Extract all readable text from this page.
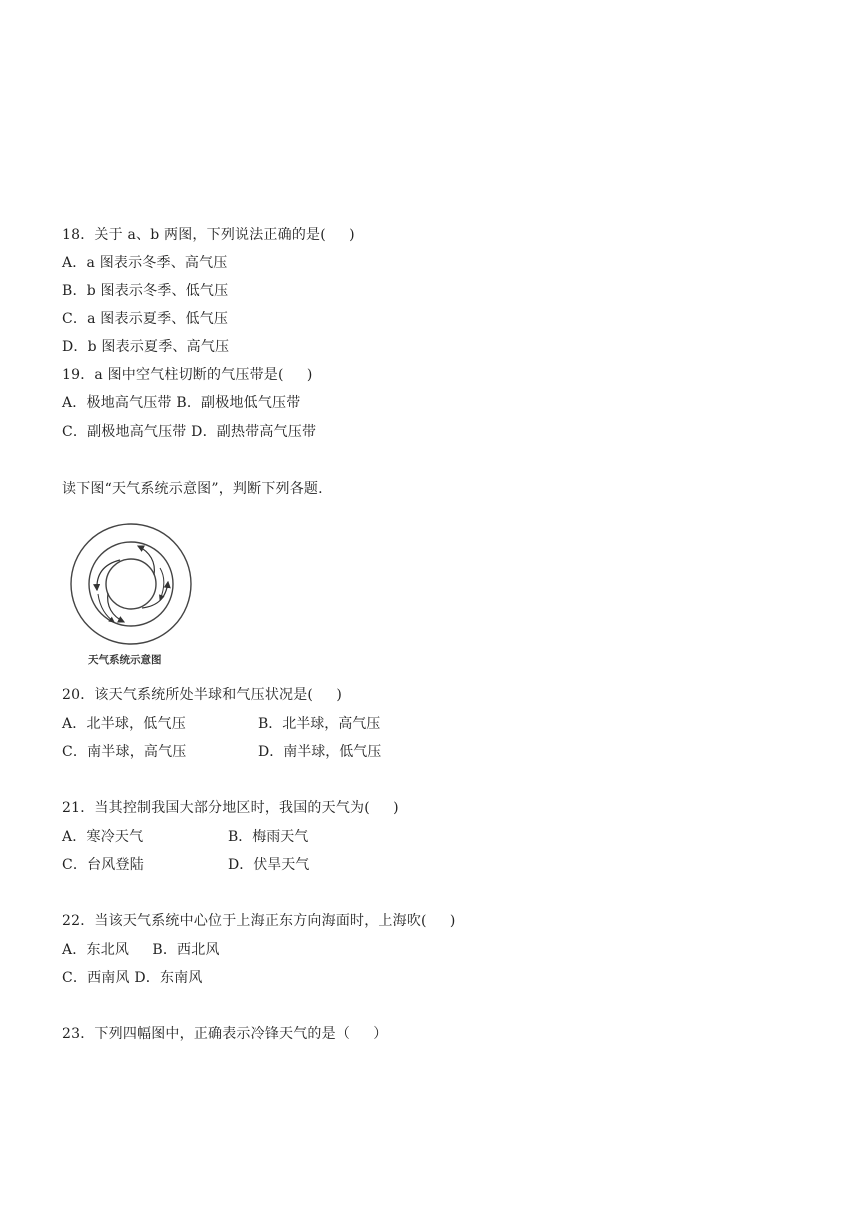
18．关于 a、b 两图，下列说法正确的是(     )
A．a 图表示冬季、高气压
B．b 图表示冬季、低气压
C．a 图表示夏季、低气压
D．b 图表示夏季、高气压
19．a 图中空气柱切断的气压带是(     )
A．极地高气压带 B．副极地低气压带
C．副极地高气压带 D．副热带高气压带
读下图“天气系统示意图”，判断下列各题.
天气系统示意图
20．该天气系统所处半球和气压状况是(     )
A．北半球，低气压	B．北半球，高气压
C．南半球，高气压	D．南半球，低气压
21．当其控制我国大部分地区时，我国的天气为(     )
A．寒冷天气	B．梅雨天气
C．台风登陆	D．伏旱天气
22．当该天气系统中心位于上海正东方向海面时，上海吹(     )
A．东北风     B．西北风
C．西南风 D．东南风
23．下列四幅图中，正确表示冷锋天气的是（     ）
